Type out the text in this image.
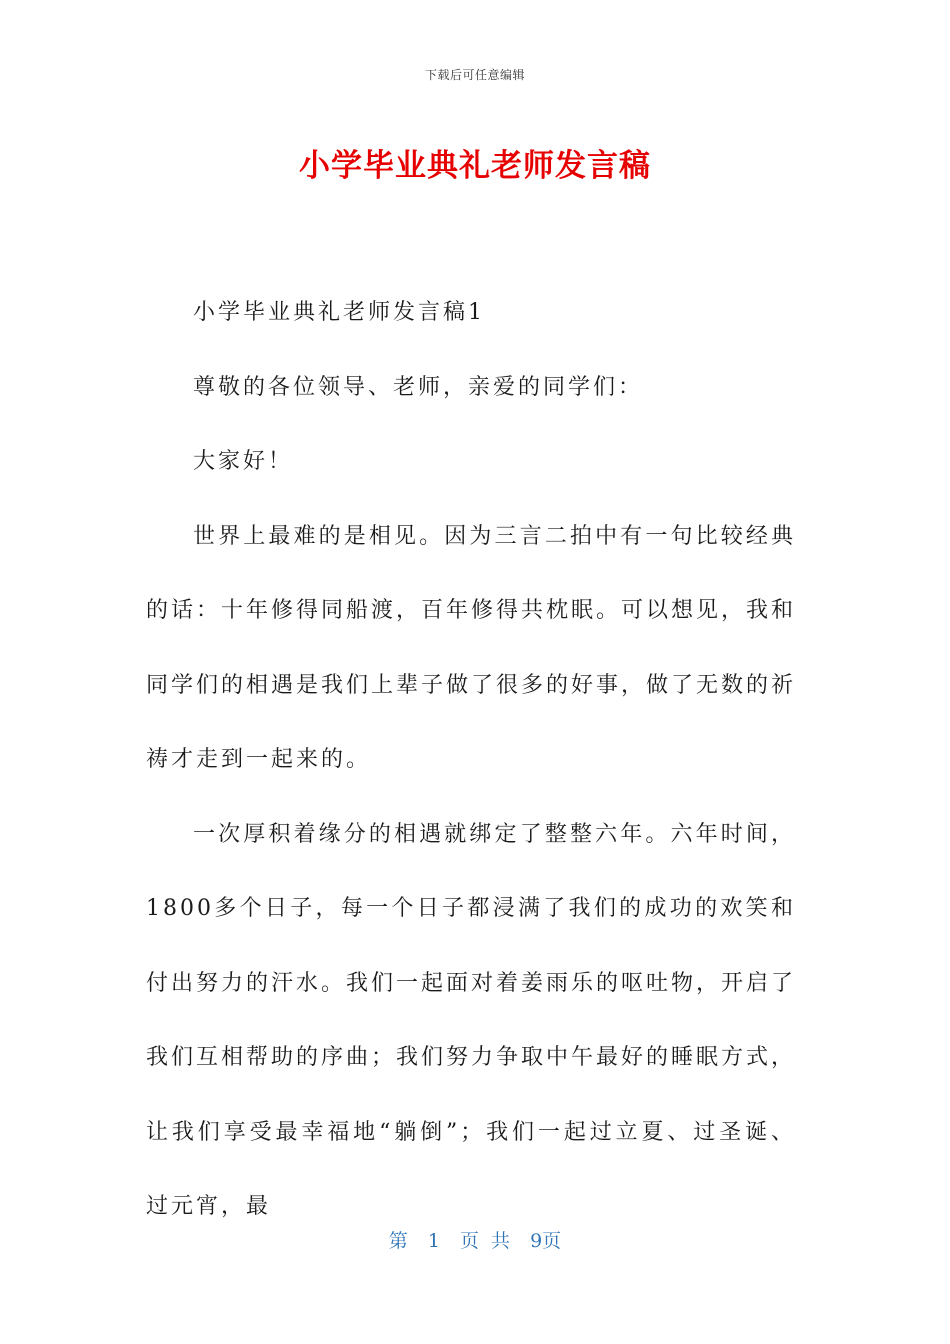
下载后可任意编辑
小学毕业典礼老师发言稿

小学毕业典礼老师发言稿1

尊敬的各位领导、老师，亲爱的同学们：

大家好！

世界上最难的是相见。因为三言二拍中有一句比较经典的话：十年修得同船渡，百年修得共枕眠。可以想见，我和同学们的相遇是我们上辈子做了很多的好事，做了无数的祈祷才走到一起来的。

一次厚积着缘分的相遇就绑定了整整六年。六年时间，1800多个日子，每一个日子都浸满了我们的成功的欢笑和付出努力的汗水。我们一起面对着姜雨乐的呕吐物，开启了我们互相帮助的序曲；我们努力争取中午最好的睡眠方式，让我们享受最幸福地“躺倒”；我们一起过立夏、过圣诞、过元宵，最

第 1 页 共 9页
